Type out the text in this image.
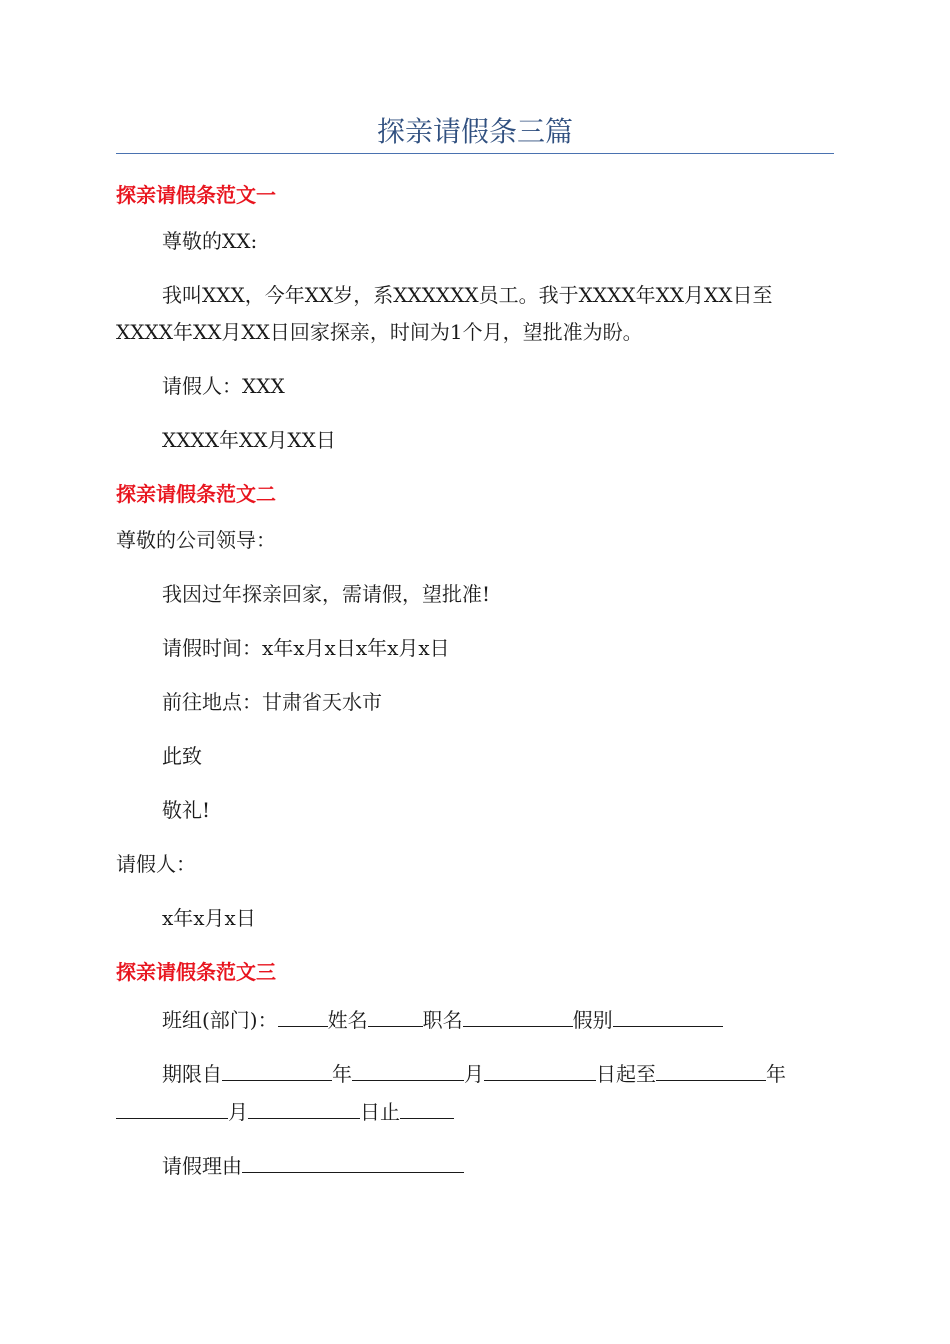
探亲请假条三篇
探亲请假条范文一
尊敬的XX:
我叫XXX，今年XX岁，系XXXXXX员工。我于XXXX年XX月XX日至
XXXX年XX月XX日回家探亲，时间为1个月，望批准为盼。
请假人：XXX
XXXX年XX月XX日
探亲请假条范文二
尊敬的公司领导：
我因过年探亲回家，需请假，望批准!
请假时间：x年x月x日x年x月x日
前往地点：甘肃省天水市
此致
敬礼!
请假人：
x年x月x日
探亲请假条范文三
班组(部门)：	姓名	职名	假别
期限自	年	月	日起至	年
月	日止
请假理由
